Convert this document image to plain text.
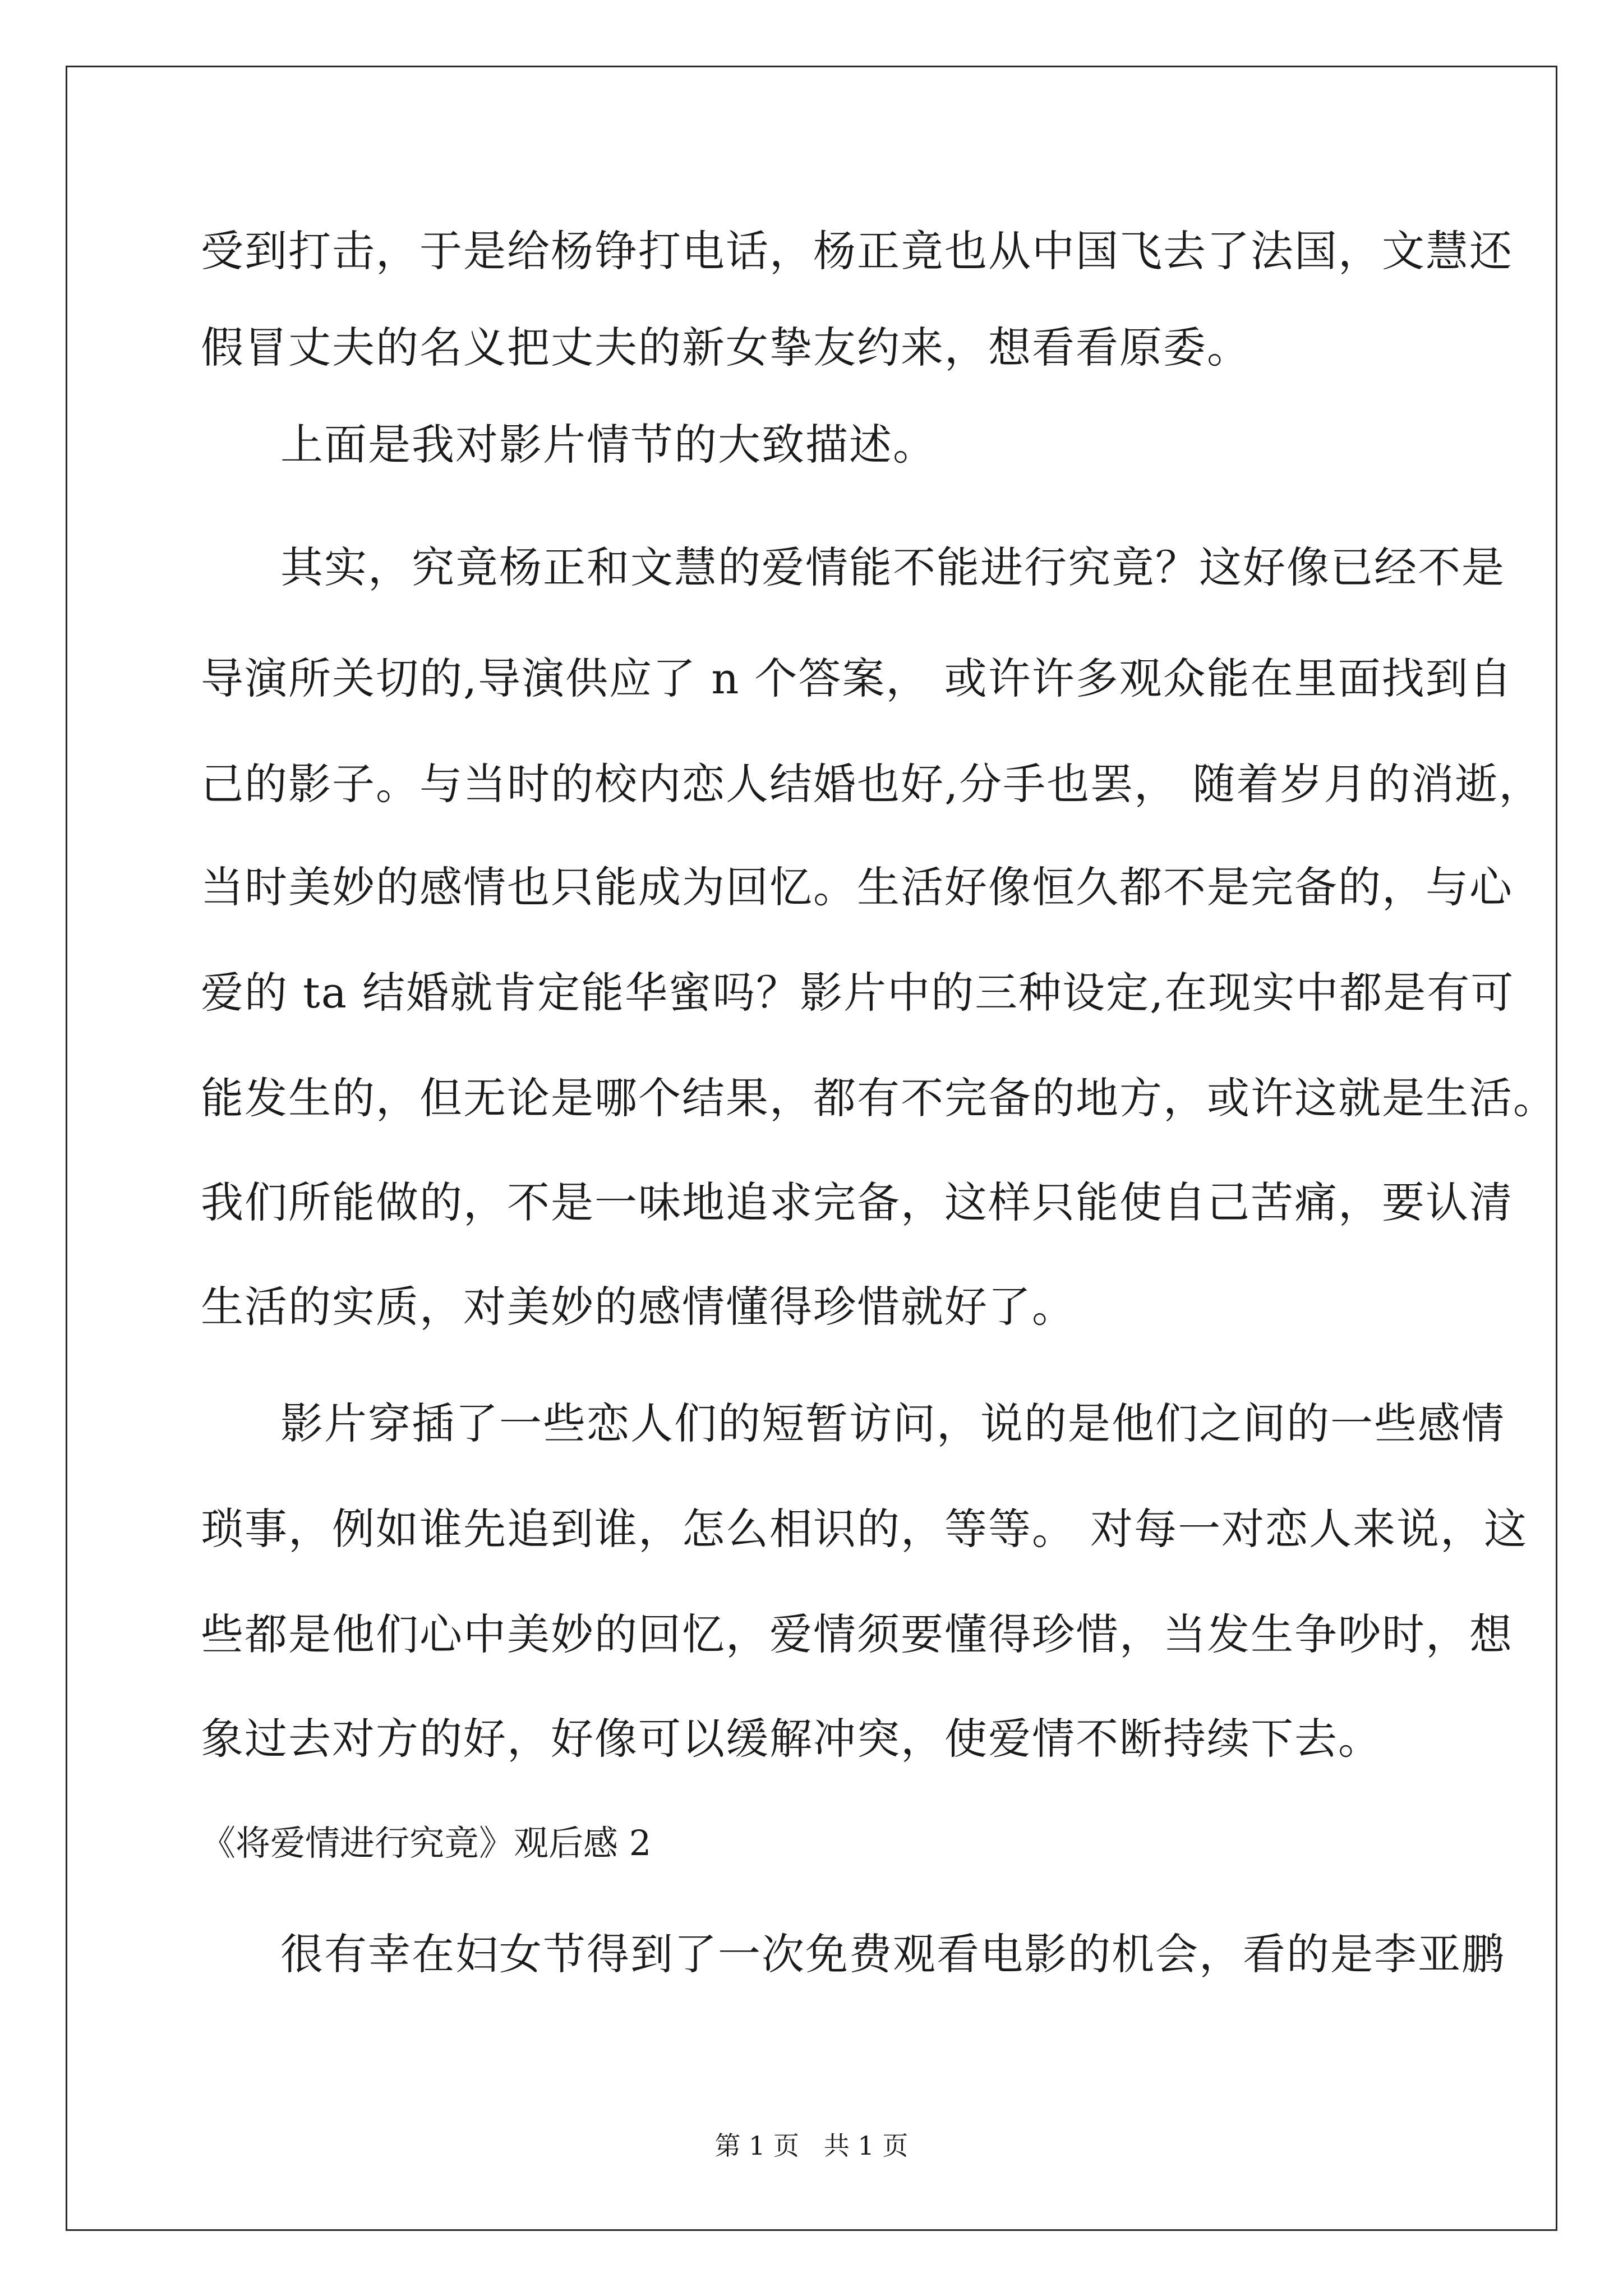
受到打击，于是给杨铮打电话，杨正竟也从中国飞去了法国，文慧还
假冒丈夫的名义把丈夫的新女挚友约来，想看看原委。
上面是我对影片情节的大致描述。
其实，究竟杨正和文慧的爱情能不能进行究竟？这好像已经不是
导演所关切的,导演供应了 n 个答案， 或许许多观众能在里面找到自
己的影子。与当时的校内恋人结婚也好,分手也罢， 随着岁月的消逝，
当时美妙的感情也只能成为回忆。生活好像恒久都不是完备的，与心
爱的 ta 结婚就肯定能华蜜吗？影片中的三种设定,在现实中都是有可
能发生的，但无论是哪个结果，都有不完备的地方，或许这就是生活。
我们所能做的，不是一味地追求完备，这样只能使自己苦痛，要认清
生活的实质，对美妙的感情懂得珍惜就好了。
影片穿插了一些恋人们的短暂访问，说的是他们之间的一些感情
琐事，例如谁先追到谁，怎么相识的，等等。 对每一对恋人来说，这
些都是他们心中美妙的回忆，爱情须要懂得珍惜，当发生争吵时，想
象过去对方的好，好像可以缓解冲突，使爱情不断持续下去。
《将爱情进行究竟》观后感 2
很有幸在妇女节得到了一次免费观看电影的机会，看的是李亚鹏
第 1 页   共 1 页
